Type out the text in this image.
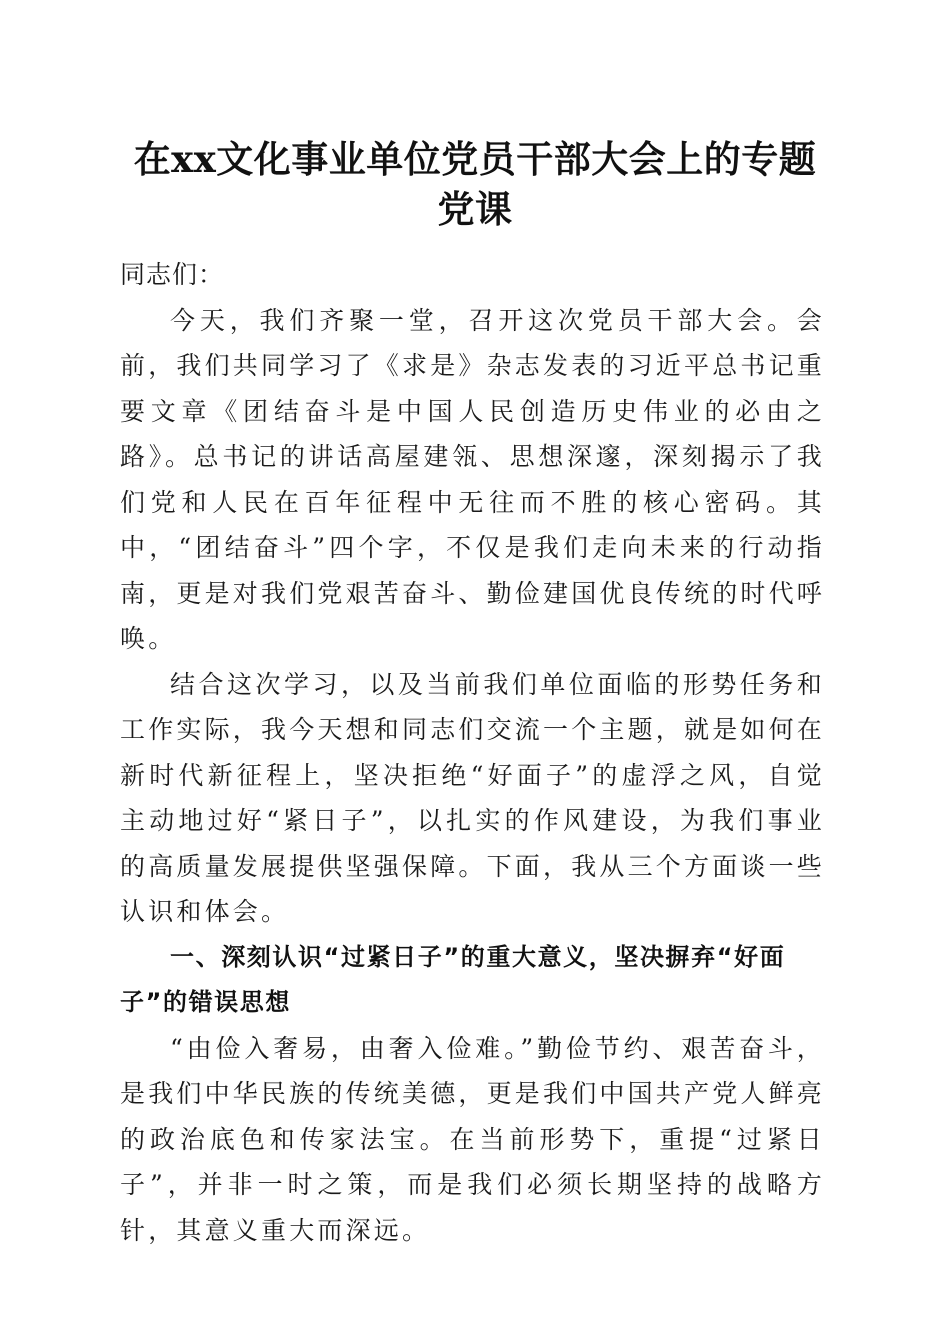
在xx文化事业单位党员干部大会上的专题党课

同志们：

今天，我们齐聚一堂，召开这次党员干部大会。会前，我们共同学习了《求是》杂志发表的习近平总书记重要文章《团结奋斗是中国人民创造历史伟业的必由之路》。总书记的讲话高屋建瓴、思想深邃，深刻揭示了我们党和人民在百年征程中无往而不胜的核心密码。其中，“团结奋斗”四个字，不仅是我们走向未来的行动指南，更是对我们党艰苦奋斗、勤俭建国优良传统的时代呼唤。

结合这次学习，以及当前我们单位面临的形势任务和工作实际，我今天想和同志们交流一个主题，就是如何在新时代新征程上，坚决拒绝“好面子”的虚浮之风，自觉主动地过好“紧日子”，以扎实的作风建设，为我们事业的高质量发展提供坚强保障。下面，我从三个方面谈一些认识和体会。

一、深刻认识“过紧日子”的重大意义，坚决摒弃“好面子”的错误思想

“由俭入奢易，由奢入俭难。”勤俭节约、艰苦奋斗，是我们中华民族的传统美德，更是我们中国共产党人鲜亮的政治底色和传家法宝。在当前形势下，重提“过紧日子”，并非一时之策，而是我们必须长期坚持的战略方针，其意义重大而深远。
